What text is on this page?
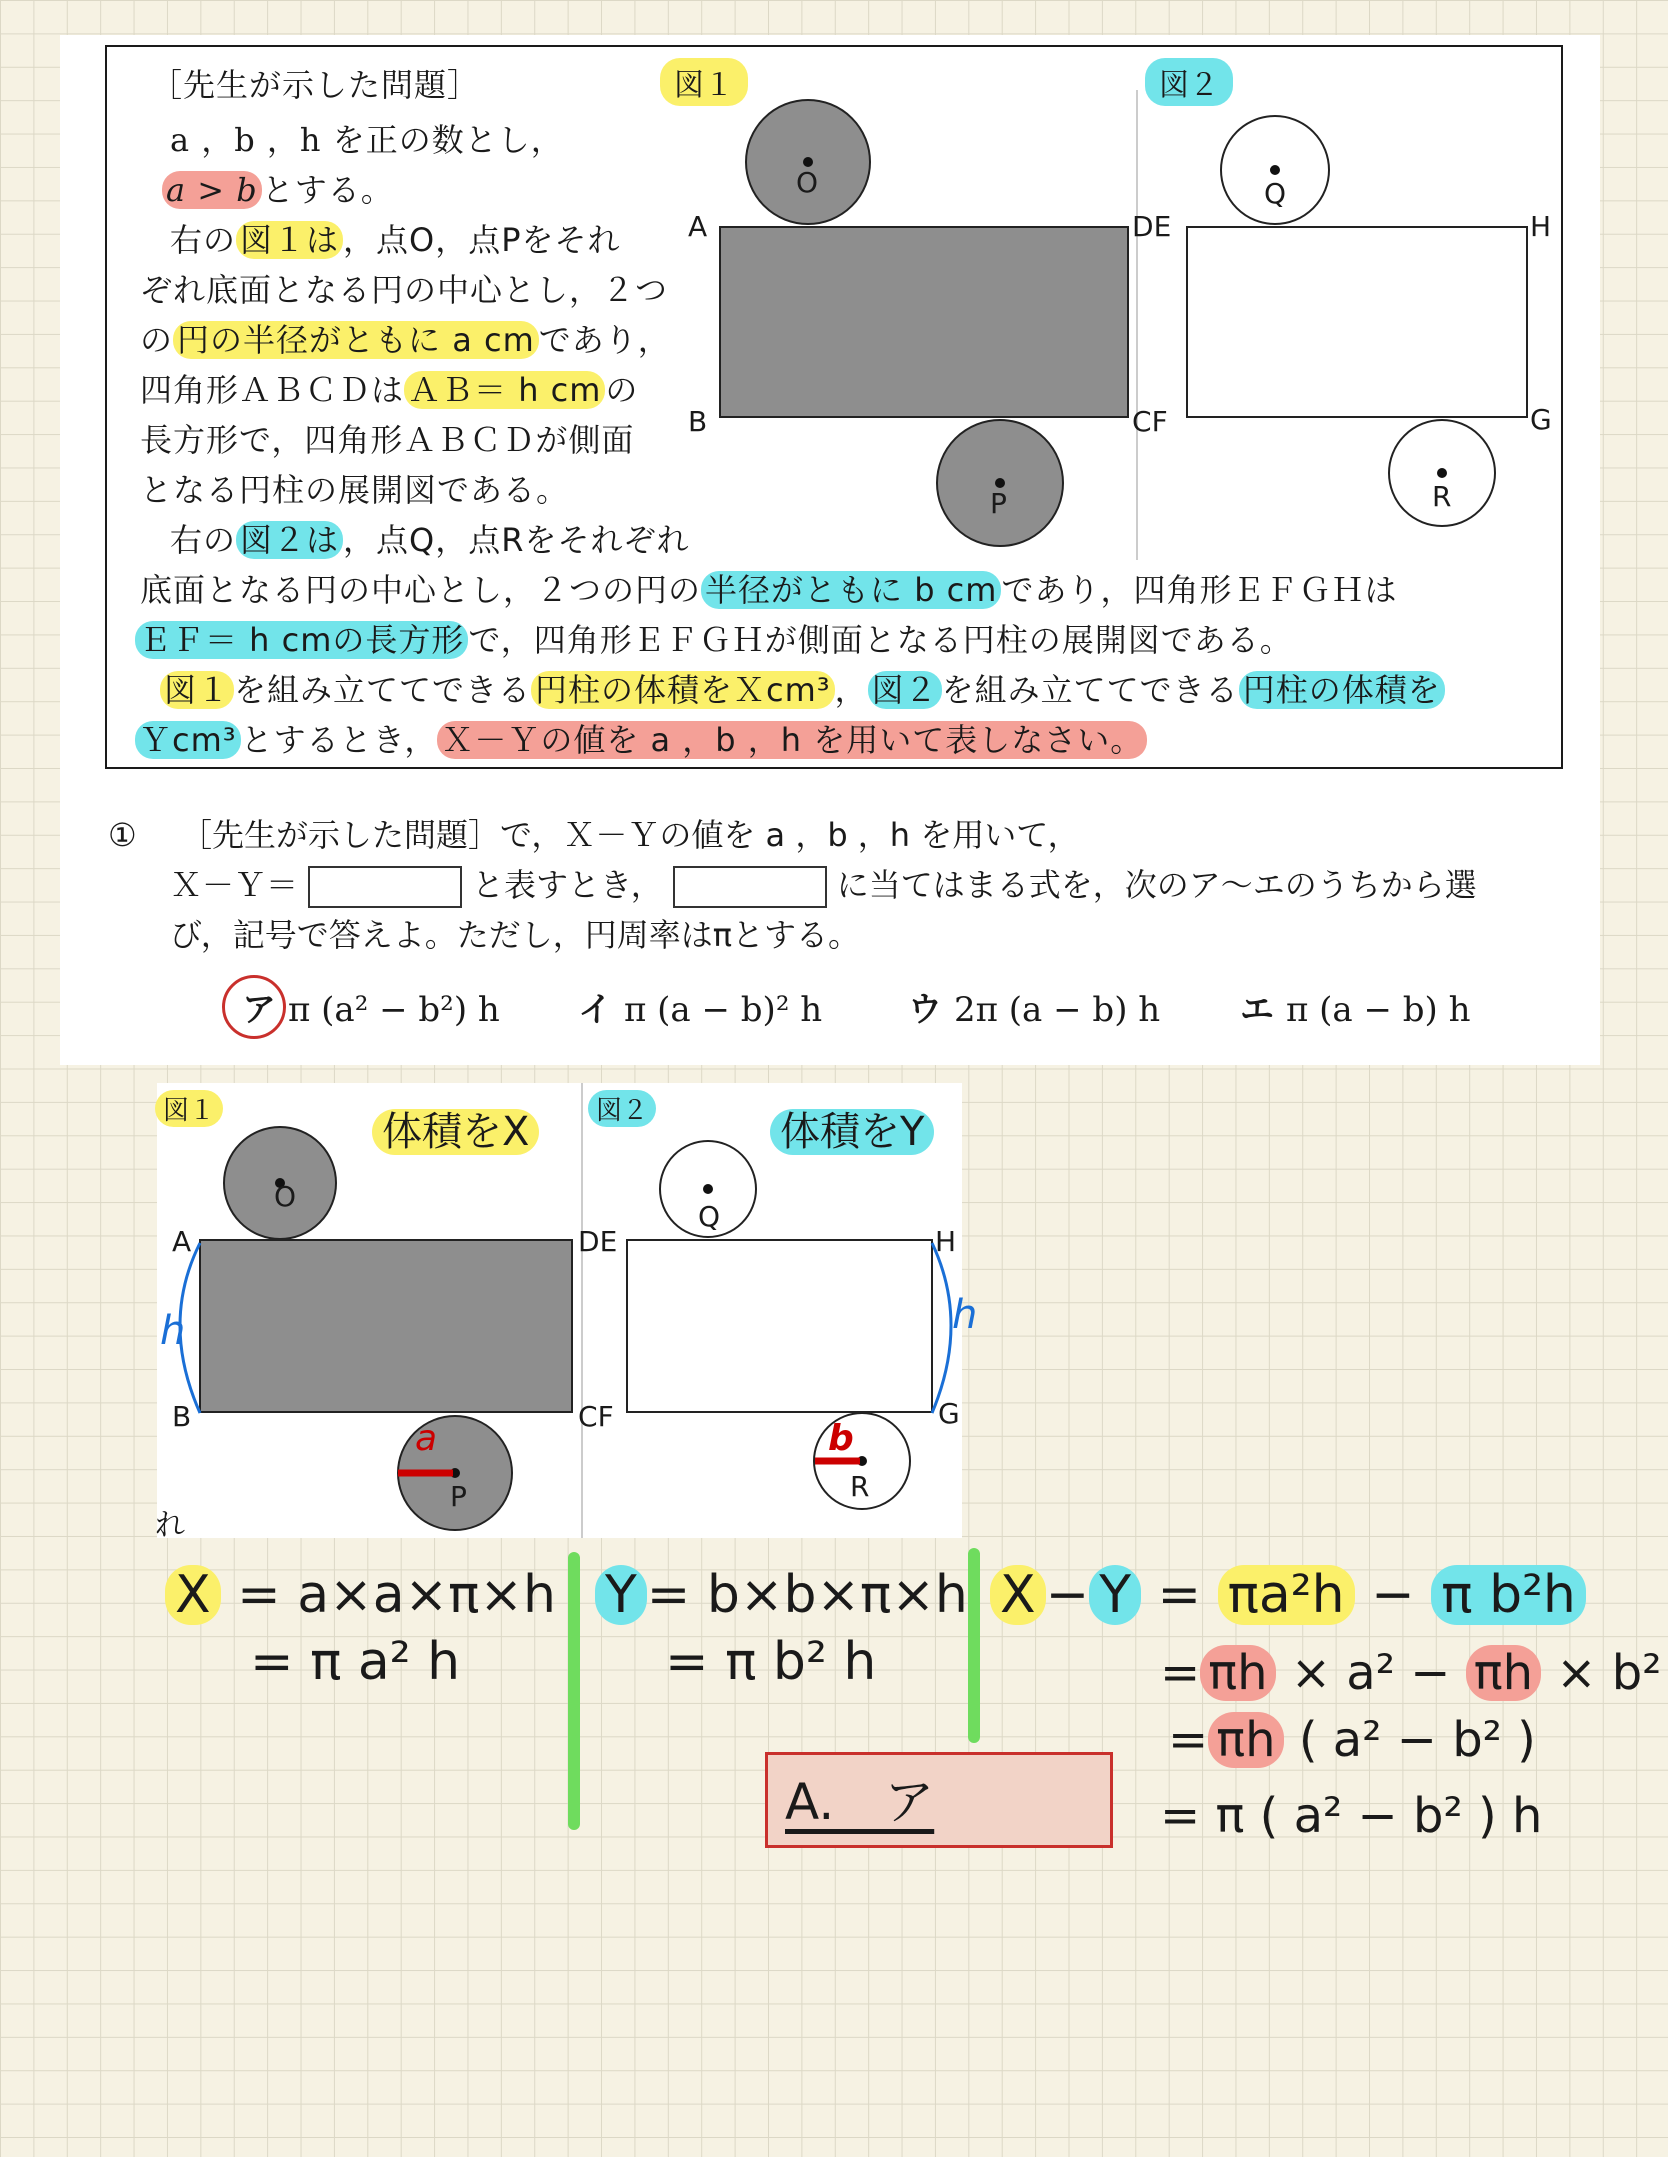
［先生が示した問題］
a ，b ，h を正の数とし，
a > b とする。
右の 図１は ，点O，点Pをそれ
ぞれ底面となる円の中心とし，２つ
の 円の半径がともに a cm であり，
四角形ＡＢＣＤは ＡＢ＝ h cm の
長方形で，四角形ＡＢＣＤが側面
となる円柱の展開図である。
右の 図２は ，点Q，点Rをそれぞれ
底面となる円の中心とし，２つの円の 半径がともに b cm であり，四角形ＥＦＧＨは
ＥＦ＝ h cmの長方形 で，四角形ＥＦＧＨが側面となる円柱の展開図である。
図１ を組み立ててできる 円柱の体積をＸcm³ ， 図２ を組み立ててできる 円柱の体積を
Ｙcm³ とするとき， Ｘ－Ｙの値を a ，b ，h を用いて表しなさい。
図１	図２
O
P
Q
R
A
B
DE
CF
H
G
① ［先生が示した問題］で，Ｘ－Ｙの値を a ，b ，h を用いて，
Ｘ－Ｙ＝	と表すとき，	に当てはまる式を，次のア～エのうちから選
び，記号で答えよ。ただし，円周率はπとする。
ア π (a² − b²) h イ π (a − b)² h	ウ 2π (a − b) h エ π (a − b) h
図１	図２
体積をX	体積をY
O
P
Q
R
A
B
DE
CF
H
G
h	h
a	b
れ
X = a×a×π×h
= π a² h
Y = b×b×π×h
= π b² h
X − Y = πa²h − π b²h
= πh × a² − πh × b²
= πh ( a² − b² )
= π ( a² − b² ) h
A.　ア
